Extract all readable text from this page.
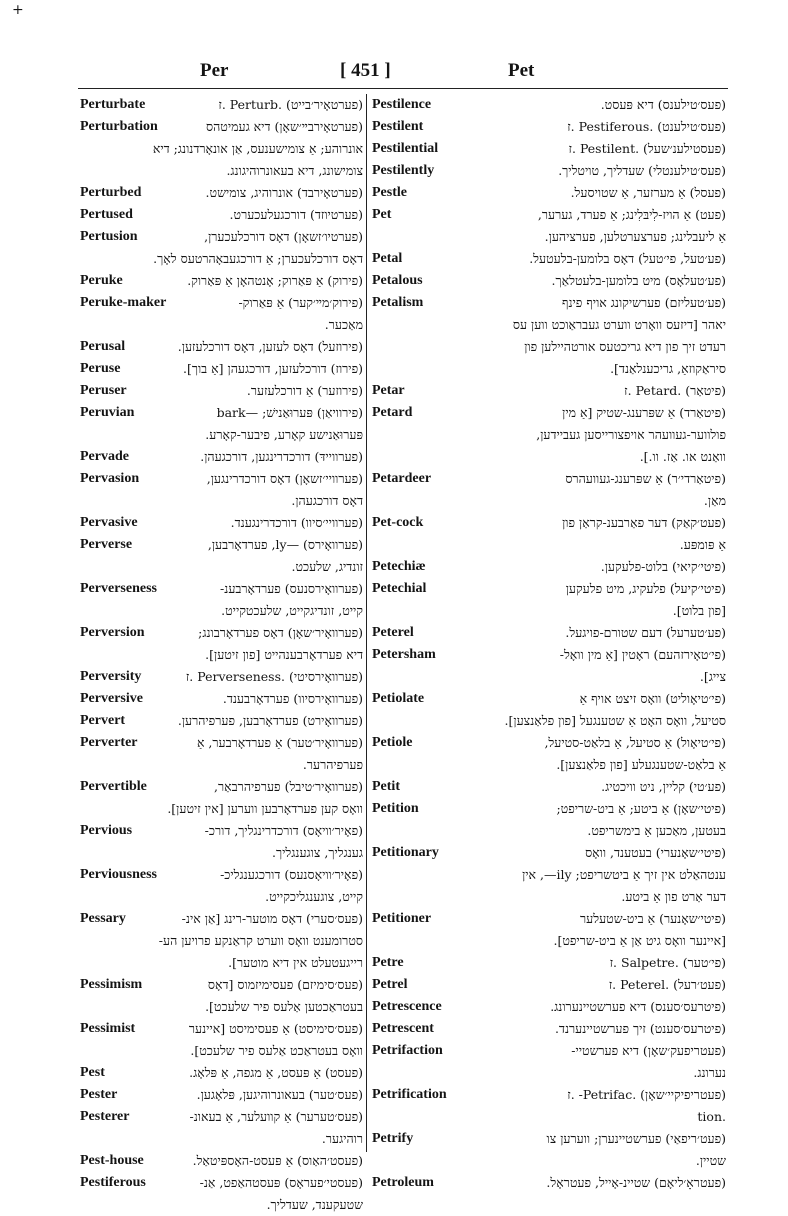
+
Per	[ 451 ]	Pet
Perturbate	(פערטאָיר׳בייט) .Perturb .ז
Perturbation	(פערטאָירבײ׳שאָן) דיא געמיטהס
אונרוהע; אַ צומישענעס, אַן אונאָרדנונג; דיא
צומישונג, דיא בעאונרוהיגונג.
Perturbed	(פערטאָירבד) אונרוהיג, צומישט.
Pertused	(פערטיוזד) דורכגעלעכערט.
Pertusion	(פערטיו׳זשאָן) דאָס דורכלעכערן,
דאָס דורכלעכערן; אַ דורכגעבאָהרטעס לאָך.
Peruke	(פירוק) אַ פּאַרוק; אָנטהאָן אַ פּאַרוק.
Peruke-maker	(פירוק׳מײ׳קער) אַ פּאַרוק-
מאַכער.
Perusal	(פירוזעל) דאָס לעזען, דאָס דורכלעזען.
Peruse	(פירוז) דורכלעזען, דורכגעהן [אַ בוך].
Peruser	(פירוזער) אַ דורכלעזער.
Peruvian	(פירוויאַן) פּערוּאַנישׁ; —bark
פּערוּאַנישע קאָרע, פיבער-קאָרע.
Pervade	(פערוויידּ) דורכדרינגען, דורכגעהן.
Pervasion	(פערוויי׳זשאָן) דאָס דורכדרינגען,
דאָס דורכגעהן.
Pervasive	(פערוויי׳סיוו) דורכדרינגענד.
Perverse	(פערוואָירס) —ly, פערדאָרבען,
זונדיג, שלעכט.
Perverseness	(פערוואָירסנעס) פערדאָרבענ-
קייט, זונדיגקייט, שלעכטקייט.
Perversion	(פערוואָיר׳שאָן) דאָס פערדאָרבונג;
דיא פערדאָרבענהייט [פון זיטען].
Perversity	(פערוואָירסיטי) .Perverseness .ז
Perversive	(פערוואָירסיוו) פערדאָרבענד.
Pervert	(פערוואָירט) פערדאָרבען, פערפיהרען.
Perverter	(פערוואָיר׳טער) אַ פערדאָרבער, אַ
פערפיהרער.
Pervertible	(פערוואָיר׳טיבל) פערפיהרבאַר,
וואָס קען פערדאָרבען ווערען [אין זיטען].
Pervious	(פאָיר׳וויאָס) דורכדרינגליך, דורכ-
גענגליך, צוגענגליך.
Perviousness	(פאָיר׳וויאָסנעס) דורכגענגליכ-
קייט, צוגענגליכקייט.
Pessary	(פעס׳סערי) דאָס מוטער-רינג [אַן אינ-
סטרומענט וואָס ווערט קראַנקע פרויען הע-
רייגעטעלט אין דיא מוטער].
Pessimism	(פעס׳סימיזם) פעסימיזמוס [דאָס
בעטראַכטען אַלעס פיר שלעכט].
Pessimist	(פעס׳סימיסט) אַ פעסימיסט [איינער
וואָס בעטראַכט אַלעס פיר שלעכט].
Pest	(פעסט) אַ פּעסט, אַ מגפה, אַ פּלאָג.
Pester	(פעס׳טער) בעאונרוהיגען, פּלאָגען.
Pesterer	(פעס׳טערער) אַ קוועלער, אַ בעאונ-
רוהיגער.
Pest-house	(פעסט׳האַוס) אַ פּעסט-האָספּיטאַל.
Pestiferous	(פעסטי׳פעראָס) פּעסטהאַפט, אַנ-
שטעקענד, שעדליך.
Pestilence	(פעס׳טילענס) דיא פּעסט.
Pestilent	(פעס׳טילענט) .Pestiferous .ז
Pestilential	(פעסטילענ׳שעל) .Pestilent .ז
Pestilently	(פעס׳טילענטלי) שעדליך, טויטליך.
Pestle	(פעסל) אַ מערזער, אַ שטויסעל.
Pet	(פעט) אַ הויז-לִיבּלִינג; אַ פערד, גערער,
אַ ליעבלינג; פערצערטלען, פערציהען.
Petal	(פע׳טעל, פי׳טעל) דאָס בלומען-בלעטעל.
Petalous	(פע׳טעלאָס) מיט בלומען-בלעטלאַך.
Petalism	(פע׳טעליזם) פערשיקונג אויף פינף
יאהר [דיזעס וואָרט ווערט געבראַוכט ווען עס
רעדט זיך פון דיא גריכטעס אורטהיילען פון
סיראַקוזאַ, גריכענלאַנד].
Petar	(פיטאַר) .Petard .ז
Petard	(פיטאַרד) אַ שפּרענג-שטיק [אַ מין
פולווער-געוועהר אויפצורייסען געביידען,
וואַנט או. אַז. וו.].
Petardeer	(פיטאַרדי׳ר) אַ שפּרענג-געוועהרס
מאַן.
Pet-cock	(פעט׳קאַק) דער פאַרבענ-קראַן פון
אַ פּומפּע.
Petechiæ	(פיטי׳קיאי) בלוט-פלעקען.
Petechial	(פיטי׳קיעל) פלעקיג, מיט פלעקען
[פון בלוט].
Peterel	(פע׳טערעל) דעם שטורם-פויגעל.
Petersham	(פי׳טאָירזהעם) ראָטין [אַ מין וואָל-
צייג].
Petiolate	(פי׳טיאָוליט) וואָס זיצט אויף אַ
סטיעל, וואָס האָט אַ שטענגעל [פון פלאַנצען].
Petiole	(פי׳טיאָול) אַ סטיעל, אַ בלאַט-סטיעל,
אַ בלאַט-שטענגעלע [פון פלאַנצען].
Petit	(פע׳טי) קליין, ניט וויכטיג.
Petition	(פיטי׳שאָן) אַ ביטע; אַ ביט-שריפט;
בעטען, מאַכען אַ בימשריפט.
Petitionary	(פיטי׳שאָנערי) בעטענד, וואָס
ענטהאַלט אין זיך אַ ביטשריפט; ily—, אין
דער אַרט פון אַ ביטע.
Petitioner	(פיטי׳שאָנער) אַ ביט-שטעלער
[איינער וואָס גיט אַן אַ ביט-שריפט].
Petre	(פי׳טער) .Salpetre .ז
Petrel	(פעט׳רעל) .Peterel .ז
Petrescence	(פיטרעס׳סענס) דיא פערשטיינערונג.
Petrescent	(פיטרעס׳סענט) זיך פערשטיינערנד.
Petrifaction	(פעטריפעק׳שאָן) דיא פערשטיי-
נערונג.
Petrification	(פעטריפיקיי׳שאָן) .Petrifac- .ז
.tion
Petrify	(פעט׳ריפאַי) פערשטיינערן; ווערען צו
שטיין.
Petroleum	(פעטראָ׳ליאָם) שטיינ-אָייל, פעטראָל.
